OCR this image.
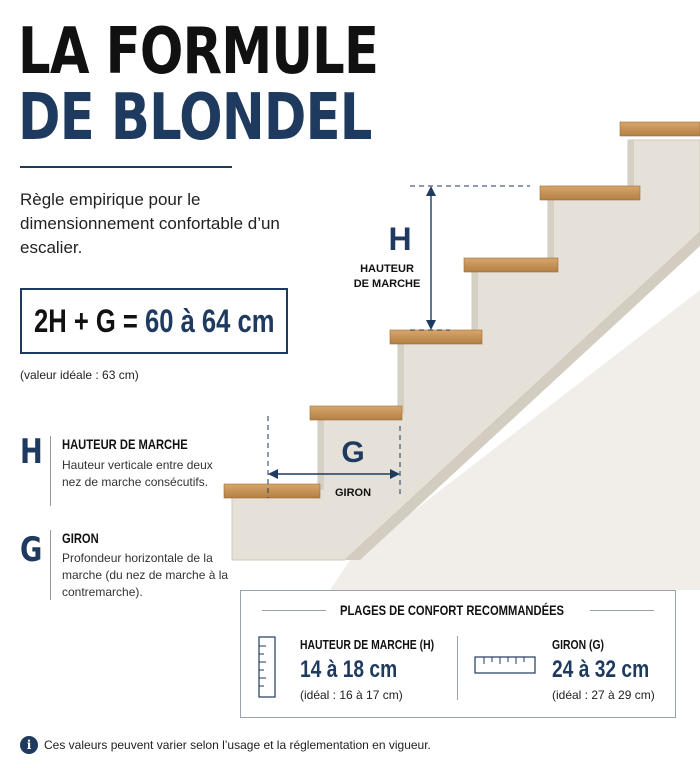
LA FORMULE
DE BLONDEL
Règle empirique pour le dimensionnement confortable d’un escalier.
2H + G = 60 à 64 cm
(valeur idéale : 63 cm)
H	HAUTEUR DE MARCHE
Hauteur verticale entre deux nez de marche consécutifs.
G	GIRON
Profondeur horizontale de la marche (du nez de marche à la contremarche).
H
HAUTEUR
DE MARCHE
G
GIRON
PLAGES DE CONFORT RECOMMANDÉES
HAUTEUR DE MARCHE (H)
14 à 18 cm
(idéal : 16 à 17 cm)
GIRON (G)
24 à 32 cm
(idéal : 27 à 29 cm)
i	Ces valeurs peuvent varier selon l’usage et la réglementation en vigueur.
